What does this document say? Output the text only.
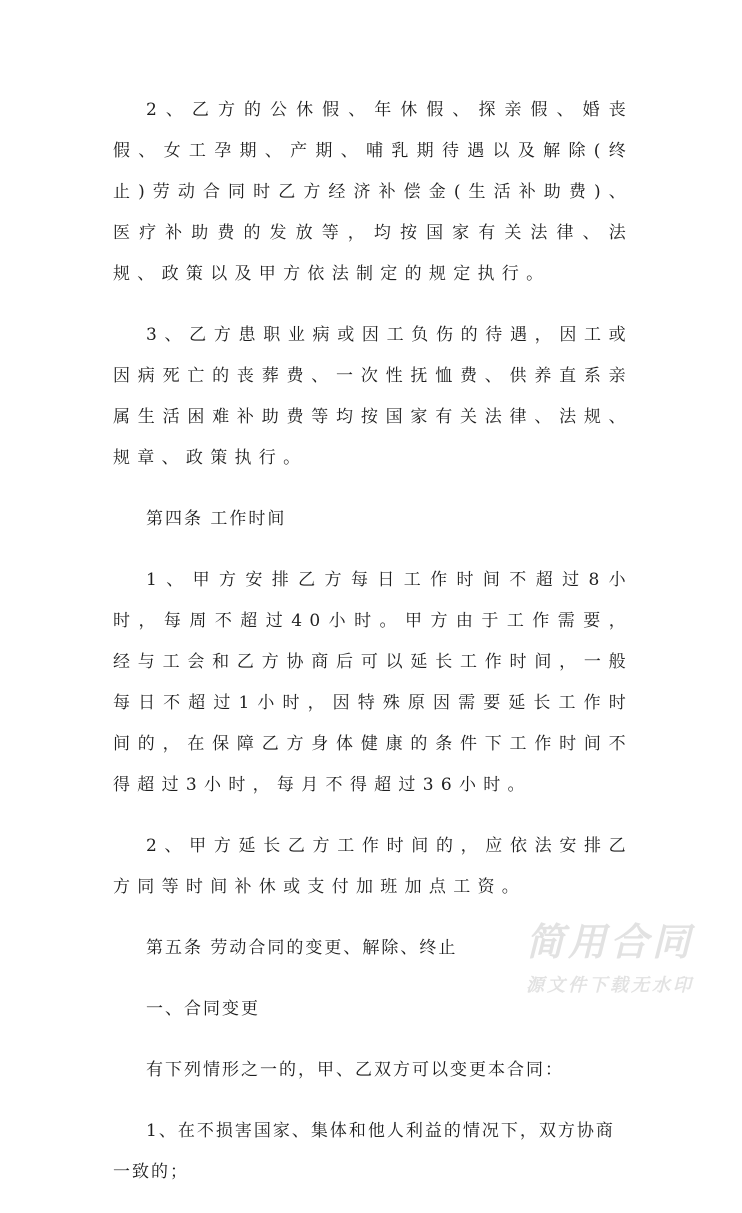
2、乙方的公休假、年休假、探亲假、婚丧假、女工孕期、产期、哺乳期待遇以及解除(终止)劳动合同时乙方经济补偿金(生活补助费)、医疗补助费的发放等，均按国家有关法律、法规、政策以及甲方依法制定的规定执行。

3、乙方患职业病或因工负伤的待遇，因工或因病死亡的丧葬费、一次性抚恤费、供养直系亲属生活困难补助费等均按国家有关法律、法规、规章、政策执行。

第四条 工作时间

1、甲方安排乙方每日工作时间不超过8小时，每周不超过40小时。甲方由于工作需要，经与工会和乙方协商后可以延长工作时间，一般每日不超过1小时，因特殊原因需要延长工作时间的，在保障乙方身体健康的条件下工作时间不得超过3小时，每月不得超过36小时。

2、甲方延长乙方工作时间的，应依法安排乙方同等时间补休或支付加班加点工资。

第五条 劳动合同的变更、解除、终止

一、合同变更

有下列情形之一的，甲、乙双方可以变更本合同：

1、在不损害国家、集体和他人利益的情况下，双方协商一致的；

简用合同
源文件下载无水印
